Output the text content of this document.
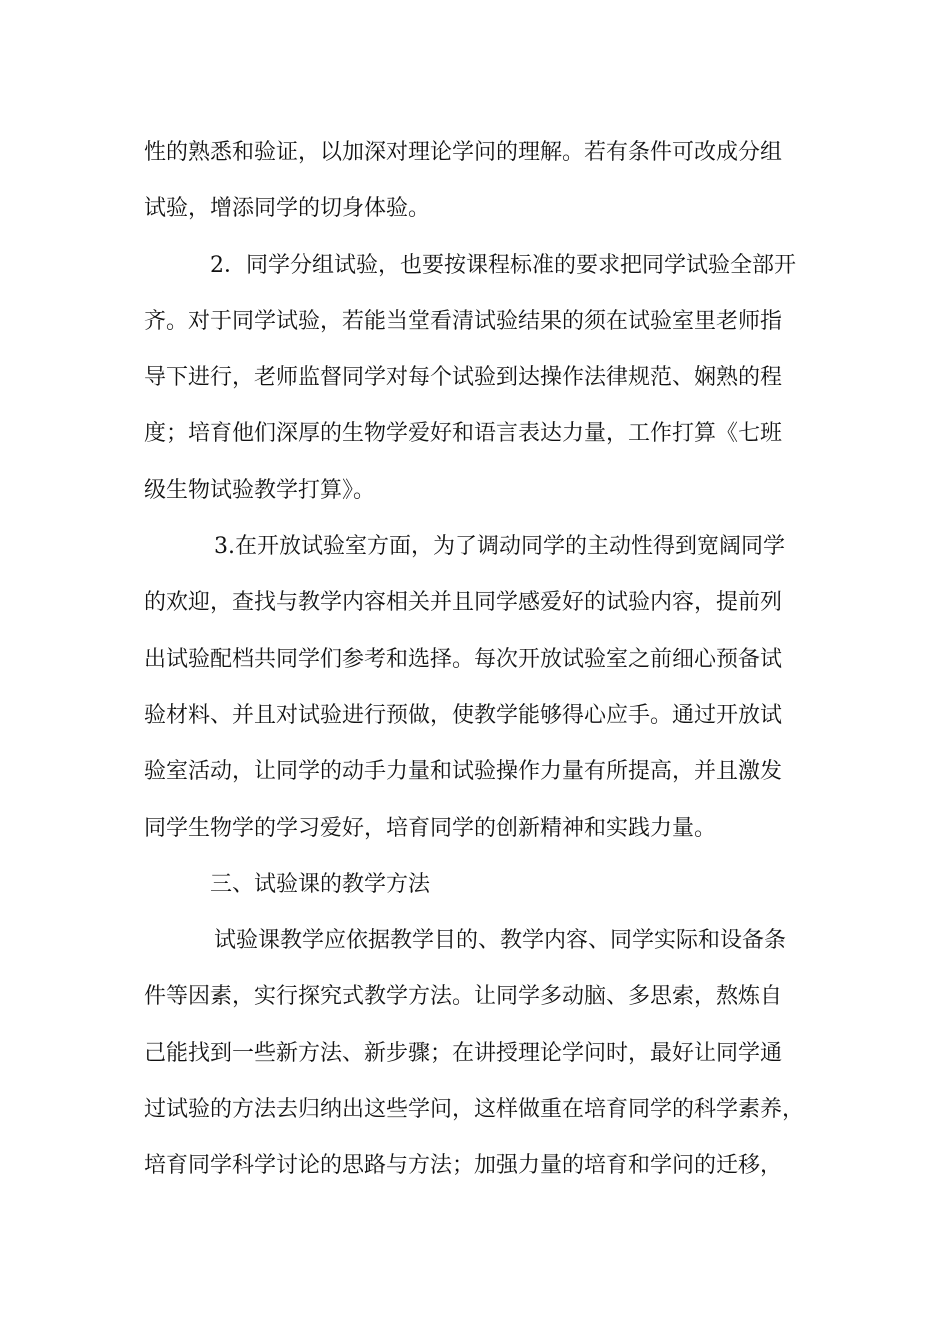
性的熟悉和验证，以加深对理论学问的理解。若有条件可改成分组
试验，增添同学的切身体验。
2．同学分组试验，也要按课程标准的要求把同学试验全部开
齐。对于同学试验，若能当堂看清试验结果的须在试验室里老师指
导下进行，老师监督同学对每个试验到达操作法律规范、娴熟的程
度；培育他们深厚的生物学爱好和语言表达力量，工作打算《七班
级生物试验教学打算》。
3.在开放试验室方面，为了调动同学的主动性得到宽阔同学
的欢迎，查找与教学内容相关并且同学感爱好的试验内容，提前列
出试验配档共同学们参考和选择。每次开放试验室之前细心预备试
验材料、并且对试验进行预做，使教学能够得心应手。通过开放试
验室活动，让同学的动手力量和试验操作力量有所提高，并且激发
同学生物学的学习爱好，培育同学的创新精神和实践力量。
三、试验课的教学方法
试验课教学应依据教学目的、教学内容、同学实际和设备条
件等因素，实行探究式教学方法。让同学多动脑、多思索，熬炼自
己能找到一些新方法、新步骤；在讲授理论学问时，最好让同学通
过试验的方法去归纳出这些学问，这样做重在培育同学的科学素养，
培育同学科学讨论的思路与方法；加强力量的培育和学问的迁移，
